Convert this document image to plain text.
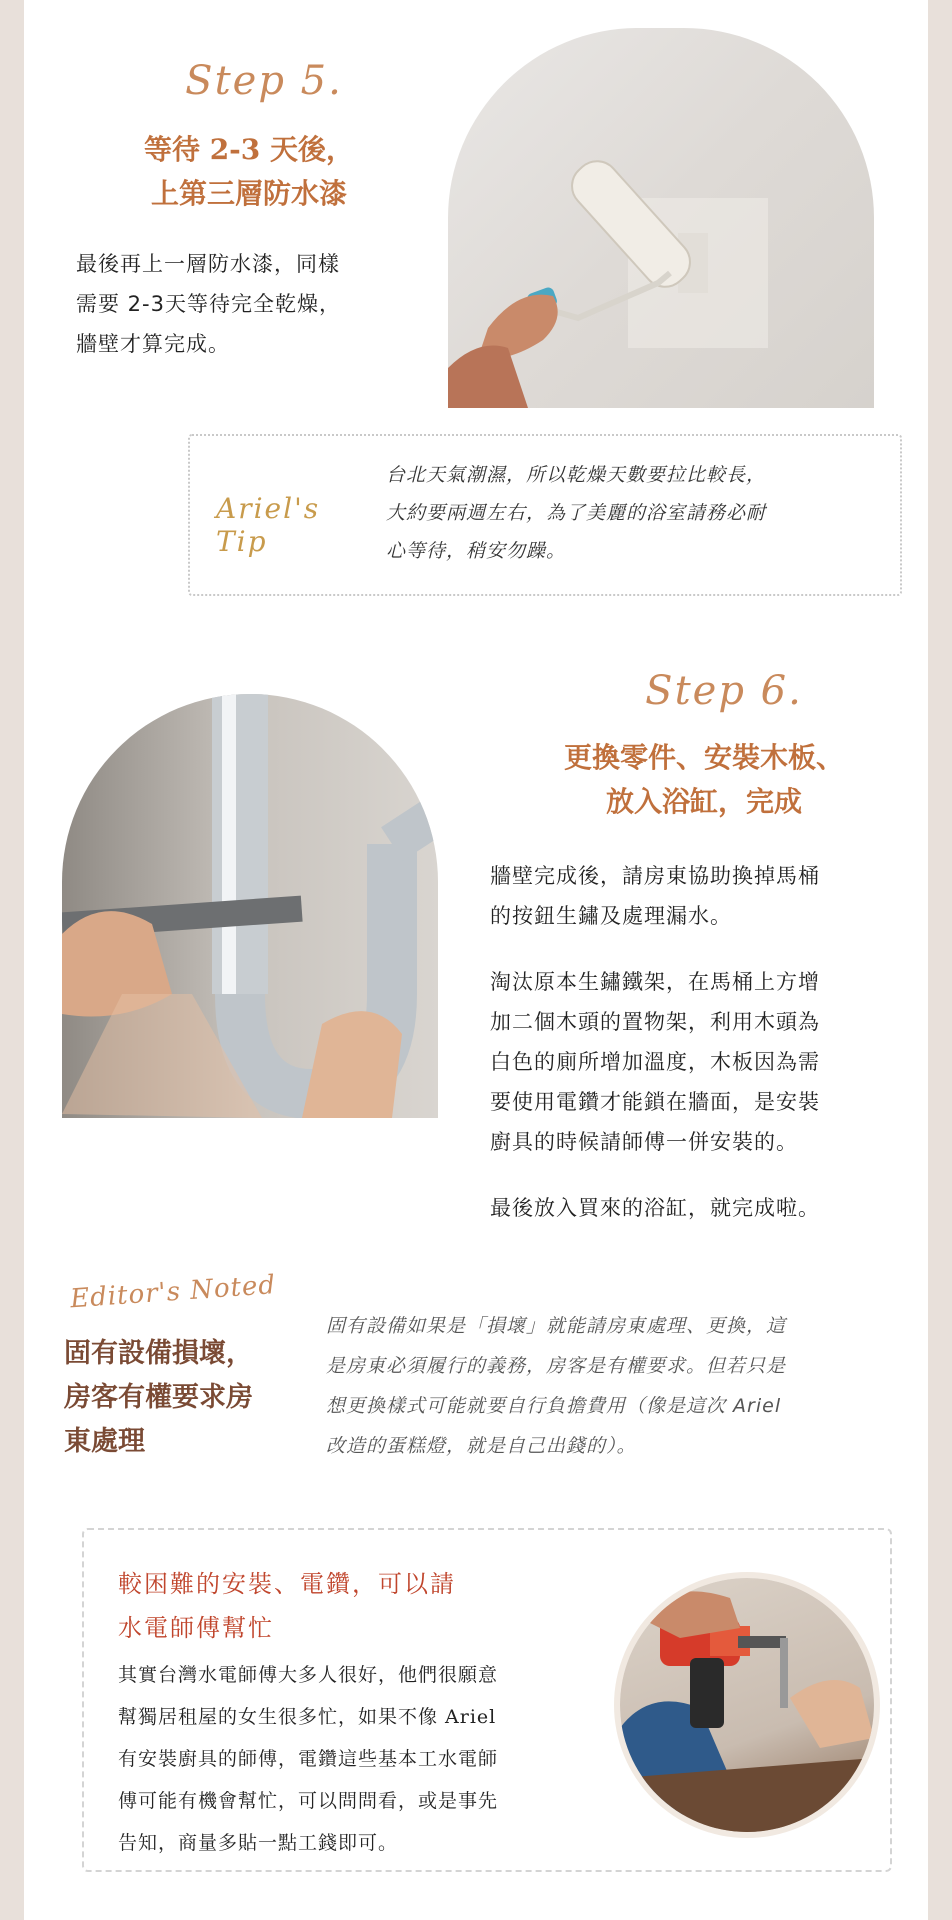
Step 5.
等待 2-3 天後，
上第三層防水漆
最後再上一層防水漆，同樣
需要 2-3天等待完全乾燥，
牆壁才算完成。
Ariel's Tip
台北天氣潮濕，所以乾燥天數要拉比較長，
大約要兩週左右，為了美麗的浴室請務必耐
心等待，稍安勿躁。
Step 6.
更換零件、安裝木板、
放入浴缸，完成
牆壁完成後，請房東協助換掉馬桶
的按鈕生鏽及處理漏水。
淘汰原本生鏽鐵架，在馬桶上方增
加二個木頭的置物架，利用木頭為
白色的廁所增加溫度，木板因為需
要使用電鑽才能鎖在牆面，是安裝
廚具的時候請師傅一併安裝的。
最後放入買來的浴缸，就完成啦。
Editor's Noted
固有設備損壞，
房客有權要求房
東處理
固有設備如果是「損壞」就能請房東處理、更換，這
是房東必須履行的義務，房客是有權要求。但若只是
想更換樣式可能就要自行負擔費用（像是這次 Ariel
改造的蛋糕燈，就是自己出錢的）。
較困難的安裝、電鑽，可以請
水電師傅幫忙
其實台灣水電師傅大多人很好，他們很願意
幫獨居租屋的女生很多忙，如果不像 Ariel
有安裝廚具的師傅，電鑽這些基本工水電師
傅可能有機會幫忙，可以問問看，或是事先
告知，商量多貼一點工錢即可。
